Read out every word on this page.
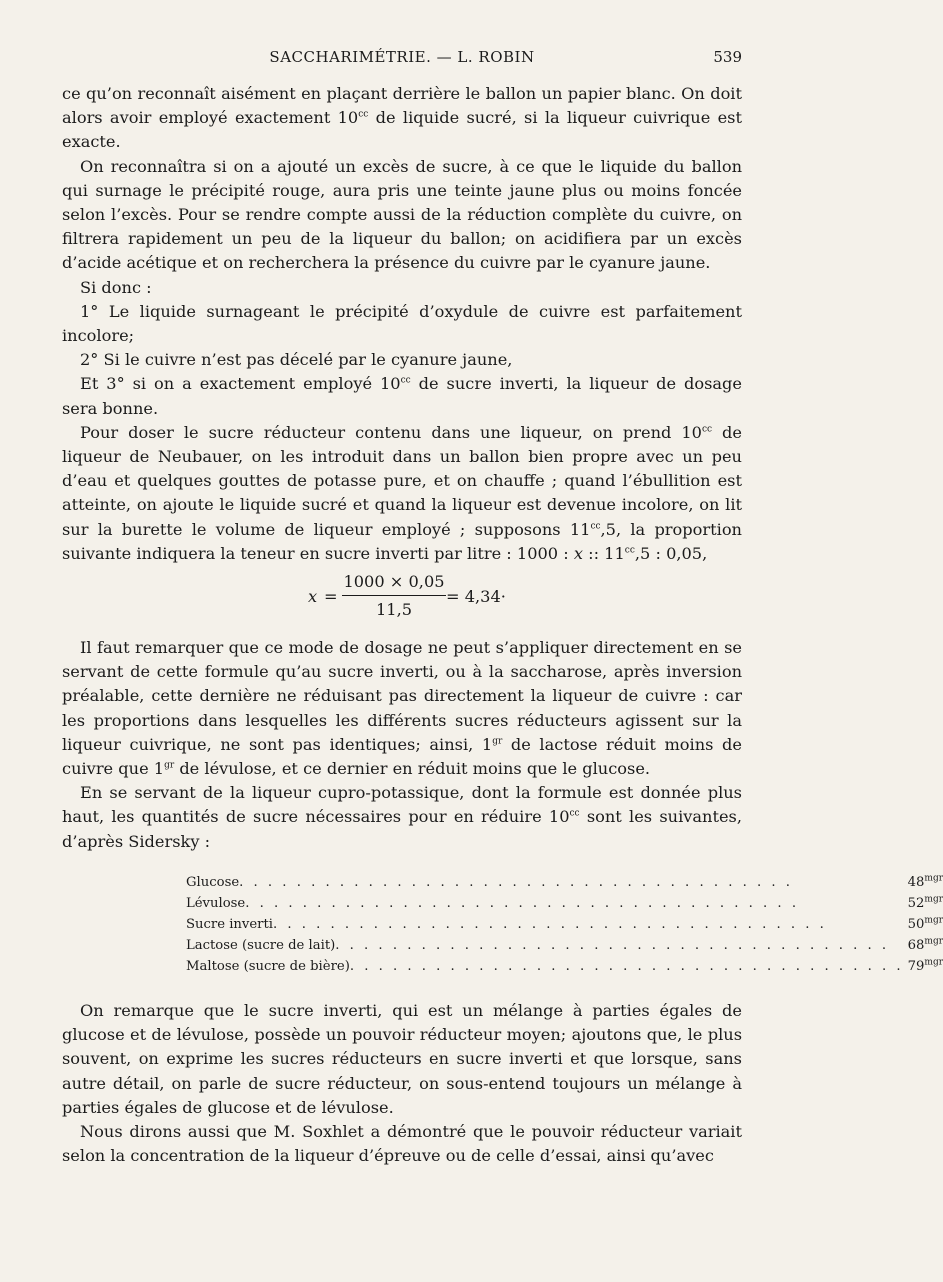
SACCHARIMÉTRIE. — L. ROBIN	539

ce qu’on reconnaît aisément en plaçant derrière le ballon un papier blanc. On doit alors avoir employé exactement $10^{cc}$ de liquide sucré, si la liqueur cuivrique est exacte.

On reconnaîtra si on a ajouté un excès de sucre, à ce que le liquide du ballon qui surnage le précipité rouge, aura pris une teinte jaune plus ou moins foncée selon l’excès. Pour se rendre compte aussi de la réduction complète du cuivre, on filtrera rapidement un peu de la liqueur du ballon; on acidifiera par un excès d’acide acétique et on recherchera la présence du cuivre par le cyanure jaune.

Si donc :

1° Le liquide surnageant le précipité d’oxydule de cuivre est parfaitement incolore;

2° Si le cuivre n’est pas décelé par le cyanure jaune,

Et 3° si on a exactement employé $10^{cc}$ de sucre inverti, la liqueur de dosage sera bonne.

Pour doser le sucre réducteur contenu dans une liqueur, on prend $10^{cc}$ de liqueur de Neubauer, on les introduit dans un ballon bien propre avec un peu d’eau et quelques gouttes de potasse pure, et on chauffe ; quand l’ébullition est atteinte, on ajoute le liquide sucré et quand la liqueur est devenue incolore, on lit sur la burette le volume de liqueur employé ; supposons $11^{cc},5$, la proportion suivante indiquera la teneur en sucre inverti par litre : 1000 : x :: $11^{cc},5$ : 0,05,

$x = \frac{1000 \times 0,05}{11,5} = 4,34\cdot$

Il faut remarquer que ce mode de dosage ne peut s’appliquer directement en se servant de cette formule qu’au sucre inverti, ou à la saccharose, après inversion préalable, cette dernière ne réduisant pas directement la liqueur de cuivre : car les proportions dans lesquelles les différents sucres réducteurs agissent sur la liqueur cuivrique, ne sont pas identiques; ainsi, $1^{gr}$ de lactose réduit moins de cuivre que $1^{gr}$ de lévulose, et ce dernier en réduit moins que le glucose.

En se servant de la liqueur cupro-potassique, dont la formule est donnée plus haut, les quantités de sucre nécessaires pour en réduire $10^{cc}$ sont les suivantes, d’après Sidersky :

Glucose. . . . . . . . . . . . . . . . . . . . . . . . . . . . . . . . . . . . . . .	$48^{mgr}$
Lévulose. . . . . . . . . . . . . . . . . . . . . . . . . . . . . . . . . . . . . . .	$52^{mgr}$
Sucre inverti. . . . . . . . . . . . . . . . . . . . . . . . . . . . . . . . . . . . . . .	$50^{mgr}$
Lactose (sucre de lait). . . . . . . . . . . . . . . . . . . . . . . . . . . . . . . . . . . . . . .	$68^{mgr}$
Maltose (sucre de bière). . . . . . . . . . . . . . . . . . . . . . . . . . . . . . . . . . . . . . .	$79^{mgr}$

On remarque que le sucre inverti, qui est un mélange à parties égales de glucose et de lévulose, possède un pouvoir réducteur moyen; ajoutons que, le plus souvent, on exprime les sucres réducteurs en sucre inverti et que lorsque, sans autre détail, on parle de sucre réducteur, on sous-entend toujours un mélange à parties égales de glucose et de lévulose.

Nous dirons aussi que M. Soxhlet a démontré que le pouvoir réducteur variait selon la concentration de la liqueur d’épreuve ou de celle d’essai, ainsi qu’avec
